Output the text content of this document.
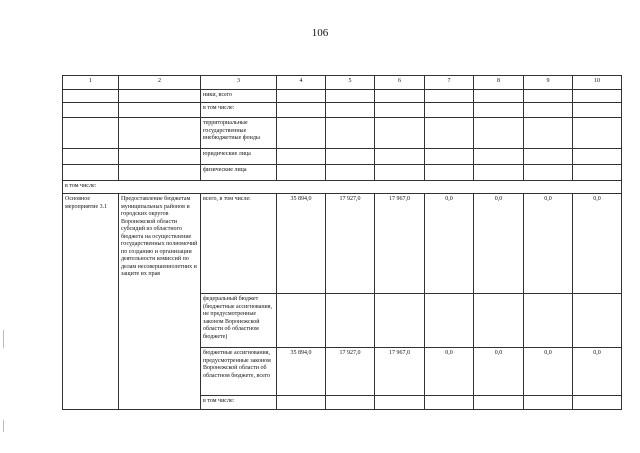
106
1	2	3	4	5	6	7	8	9	10
		ники, всего							
		в том числе:							
		территориальные государственные внебюджетные фонды							
		юридические лица							
		физические лица							
в том числе:									
Основное мероприятие 3.1	Предоставление бюджетам муниципальных районов и городских округов Воронежской области субсидий из областного бюджета на осуществление государственных полномочий по созданию и организации деятельности комиссий по делам несовершеннолетних и защите их прав	всего, в том числе:	35 894,0	17 927,0	17 967,0	0,0	0,0	0,0	0,0
		федеральный бюджет (бюджетные ассигнования, не предусмотренные законом Воронежской области об областном бюджете)							
		бюджетные ассигнования, предусмотренные законом Воронежской области об областном бюджете, всего	35 894,0	17 927,0	17 967,0	0,0	0,0	0,0	0,0
		в том числе:							
